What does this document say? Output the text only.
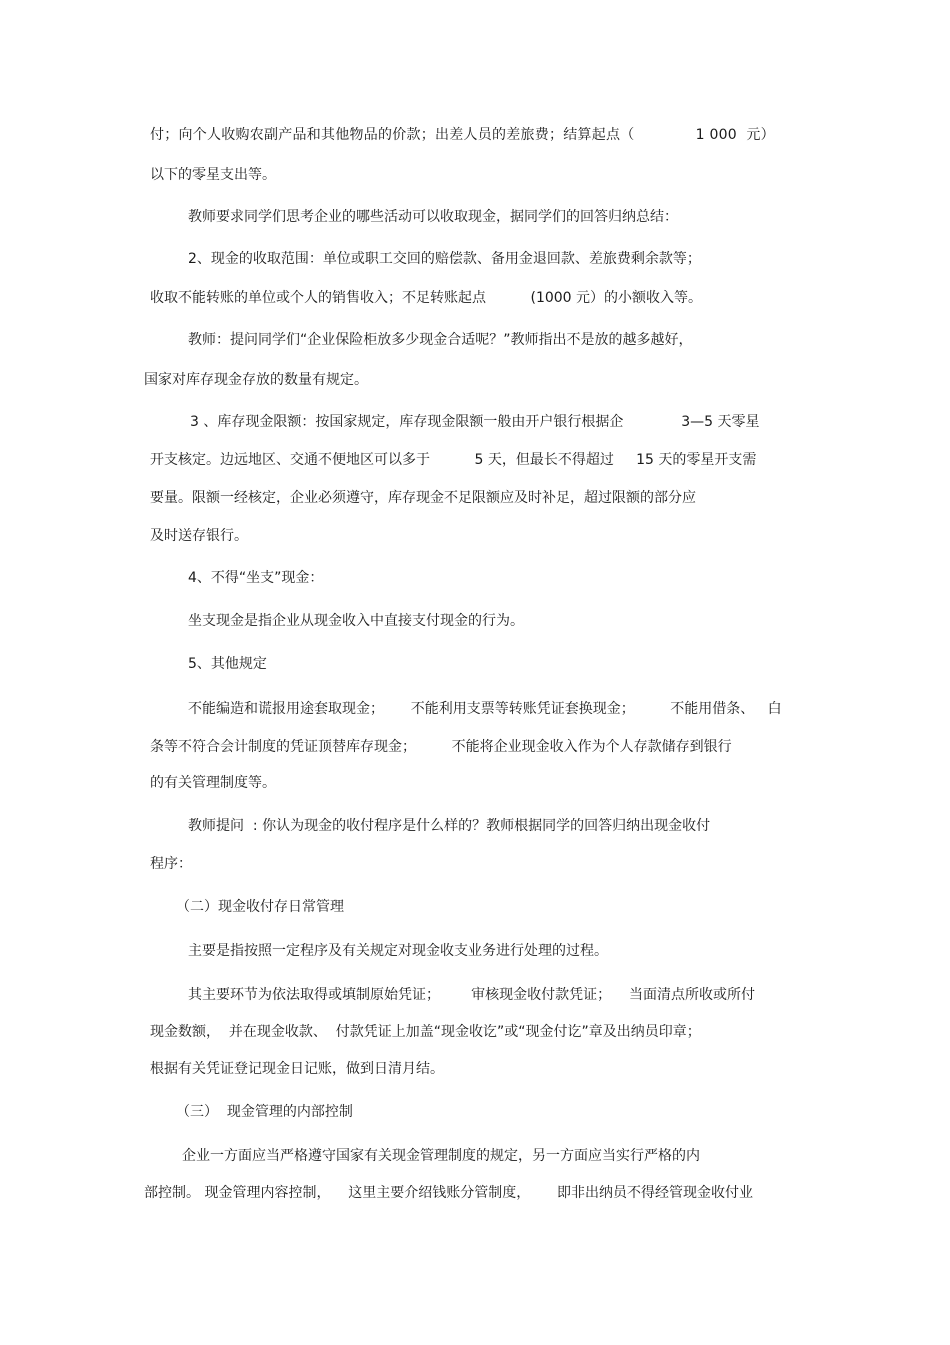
付；向个人收购农副产品和其他物品的价款；出差人员的差旅费；结算起点（             1 000  元）

以下的零星支出等。

教师要求同学们思考企业的哪些活动可以收取现金，据同学们的回答归纳总结：

2、现金的收取范围：单位或职工交回的赔偿款、备用金退回款、差旅费剩余款等；

收取不能转账的单位或个人的销售收入；不足转账起点          (1000 元）的小额收入等。

教师：提问同学们“企业保险柜放多少现金合适呢？”教师指出不是放的越多越好，

国家对库存现金存放的数量有规定。

3 、库存现金限额：按国家规定，库存现金限额一般由开户银行根据企             3—5 天零星

开支核定。边远地区、交通不便地区可以多于          5 天，但最长不得超过     15 天的零星开支需

要量。限额一经核定，企业必须遵守，库存现金不足限额应及时补足，超过限额的部分应

及时送存银行。

4、不得“坐支”现金：

坐支现金是指企业从现金收入中直接支付现金的行为。

5、其他规定

不能编造和谎报用途套取现金；      不能利用支票等转账凭证套换现金；        不能用借条、   白

条等不符合会计制度的凭证顶替库存现金；        不能将企业现金收入作为个人存款储存到银行

的有关管理制度等。

教师提问  : 你认为现金的收付程序是什么样的？教师根据同学的回答归纳出现金收付

程序：

（二）现金收付存日常管理

主要是指按照一定程序及有关规定对现金收支业务进行处理的过程。

其主要环节为依法取得或填制原始凭证；       审核现金收付款凭证；    当面清点所收或所付

现金数额，  并在现金收款、  付款凭证上加盖“现金收讫”或“现金付讫”章及出纳员印章；

根据有关凭证登记现金日记账，做到日清月结。

（三）  现金管理的内部控制

企业一方面应当严格遵守国家有关现金管理制度的规定，另一方面应当实行严格的内

部控制。 现金管理内容控制，    这里主要介绍钱账分管制度，      即非出纳员不得经管现金收付业
